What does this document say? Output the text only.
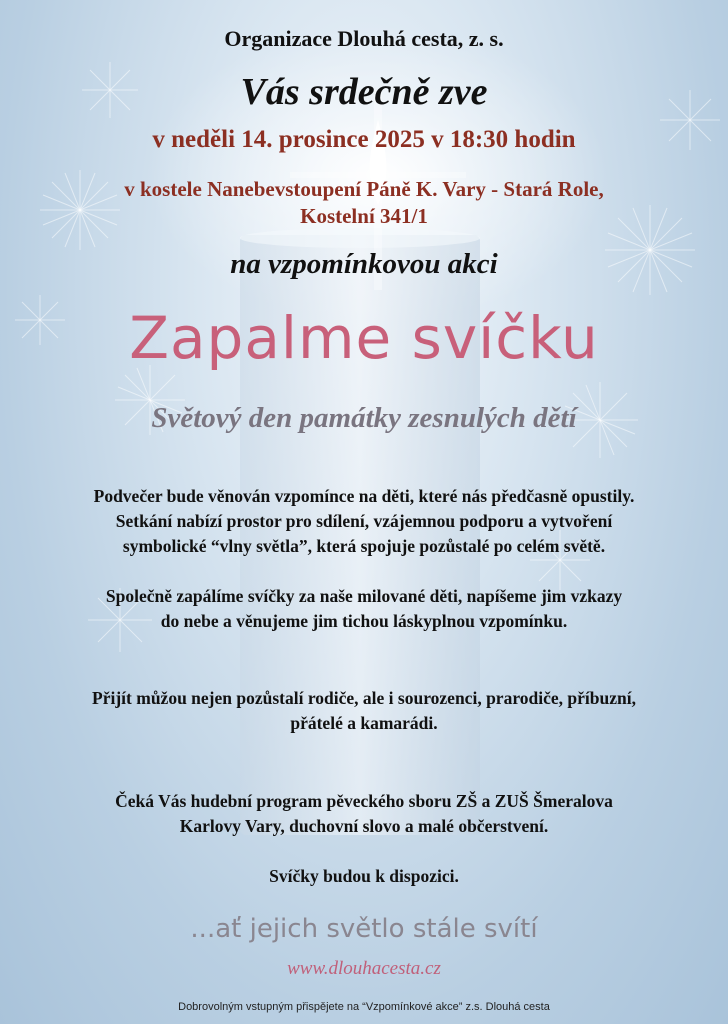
Organizace Dlouhá cesta, z. s.
Vás srdečně zve
v neděli 14. prosince 2025 v 18:30 hodin
v kostele Nanebevstoupení Páně K. Vary - Stará Role,
Kostelní 341/1
na vzpomínkovou akci
Zapalme svíčku
Světový den památky zesnulých dětí
Podvečer bude věnován vzpomínce na děti, které nás předčasně opustily.
Setkání nabízí prostor pro sdílení, vzájemnou podporu a vytvoření
symbolické “vlny světla”, která spojuje pozůstalé po celém světě.
Společně zapálíme svíčky za naše milované děti, napíšeme jim vzkazy
do nebe a věnujeme jim tichou láskyplnou vzpomínku.
Přijít můžou nejen pozůstalí rodiče, ale i sourozenci, prarodiče, příbuzní,
přátelé a kamarádi.
Čeká Vás hudební program pěveckého sboru ZŠ a ZUŠ Šmeralova
Karlovy Vary, duchovní slovo a malé občerstvení.
Svíčky budou k dispozici.
...ať jejich světlo stále svítí
www.dlouhacesta.cz
Dobrovolným vstupným přispějete na “Vzpomínkové akce” z.s. Dlouhá cesta
